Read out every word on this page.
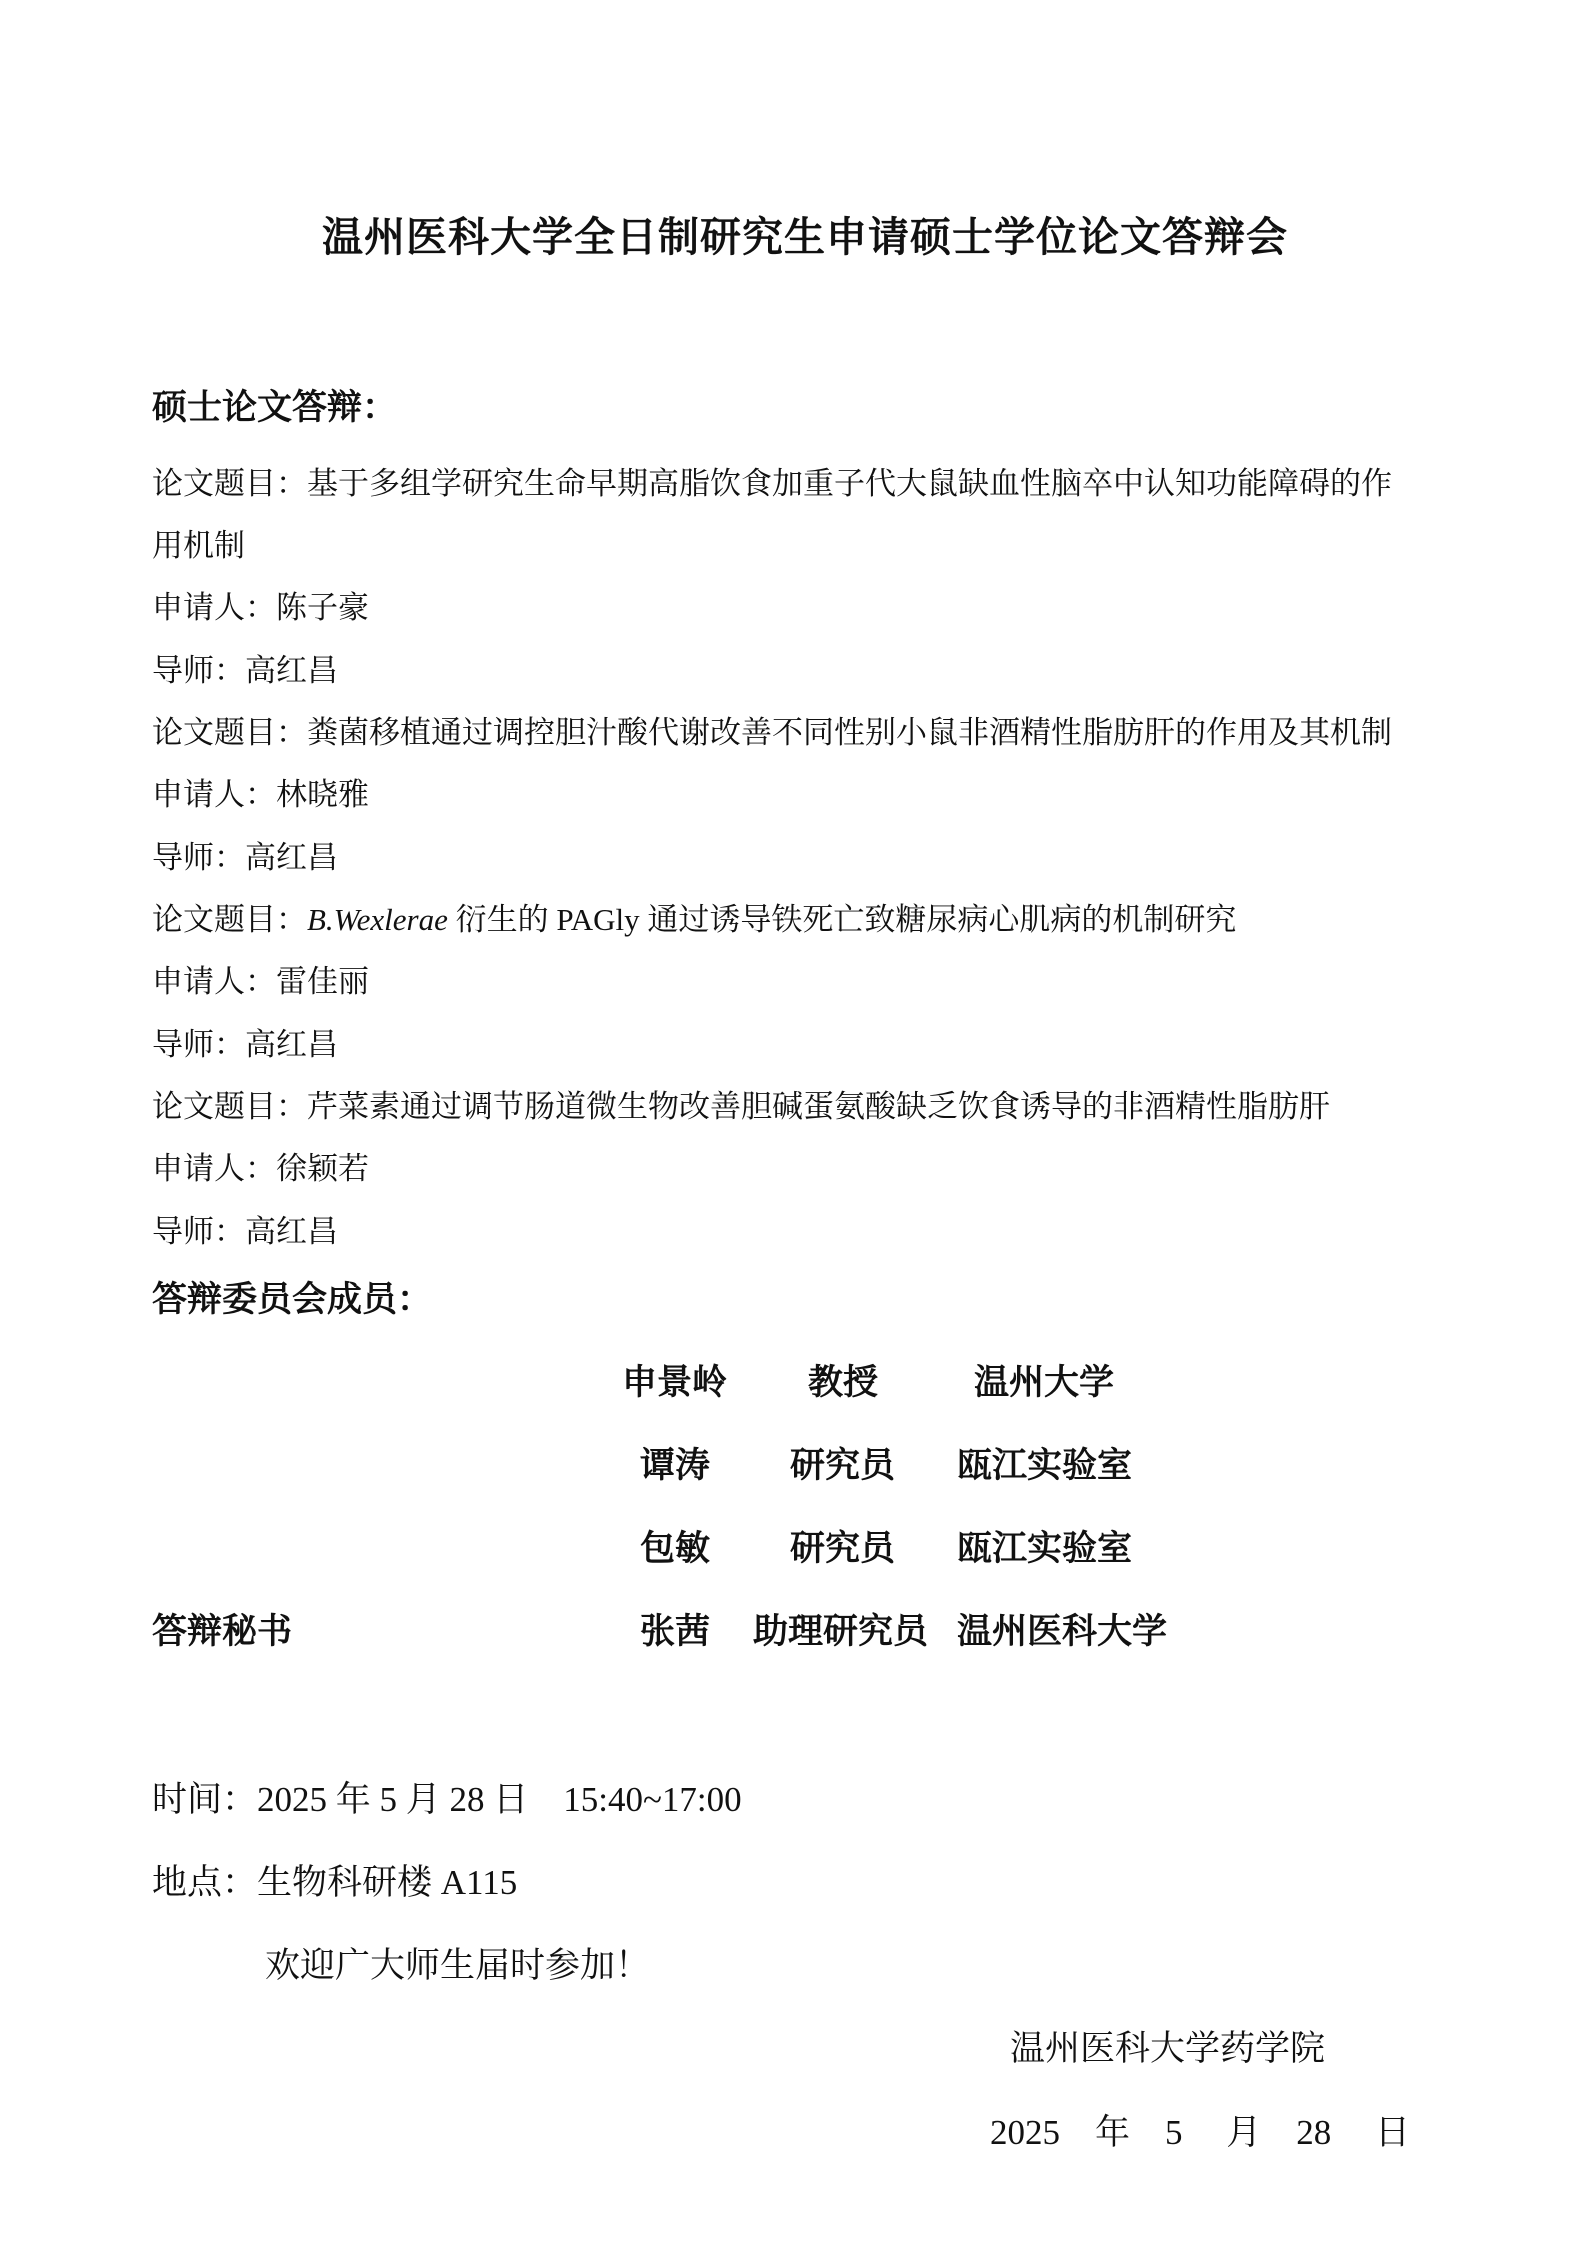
温州医科大学全日制研究生申请硕士学位论文答辩会
硕士论文答辩：
论文题目：基于多组学研究生命早期高脂饮食加重子代大鼠缺血性脑卒中认知功能障碍的作
用机制
申请人：陈子豪
导师：高红昌
论文题目：粪菌移植通过调控胆汁酸代谢改善不同性别小鼠非酒精性脂肪肝的作用及其机制
申请人：林晓雅
导师：高红昌
论文题目：B.Wexlerae 衍生的 PAGly 通过诱导铁死亡致糖尿病心肌病的机制研究
申请人：雷佳丽
导师：高红昌
论文题目：芹菜素通过调节肠道微生物改善胆碱蛋氨酸缺乏饮食诱导的非酒精性脂肪肝
申请人：徐颖若
导师：高红昌
答辩委员会成员：
申景岭 教授	温州大学
谭涛 研究员 瓯江实验室
包敏 研究员 瓯江实验室
答辩秘书	张茜 助理研究员 温州医科大学
时间：2025 年 5 月 28 日　15:40~17:00
地点：生物科研楼 A115
欢迎广大师生届时参加！
温州医科大学药学院
2025　年　5　 月　28　 日
